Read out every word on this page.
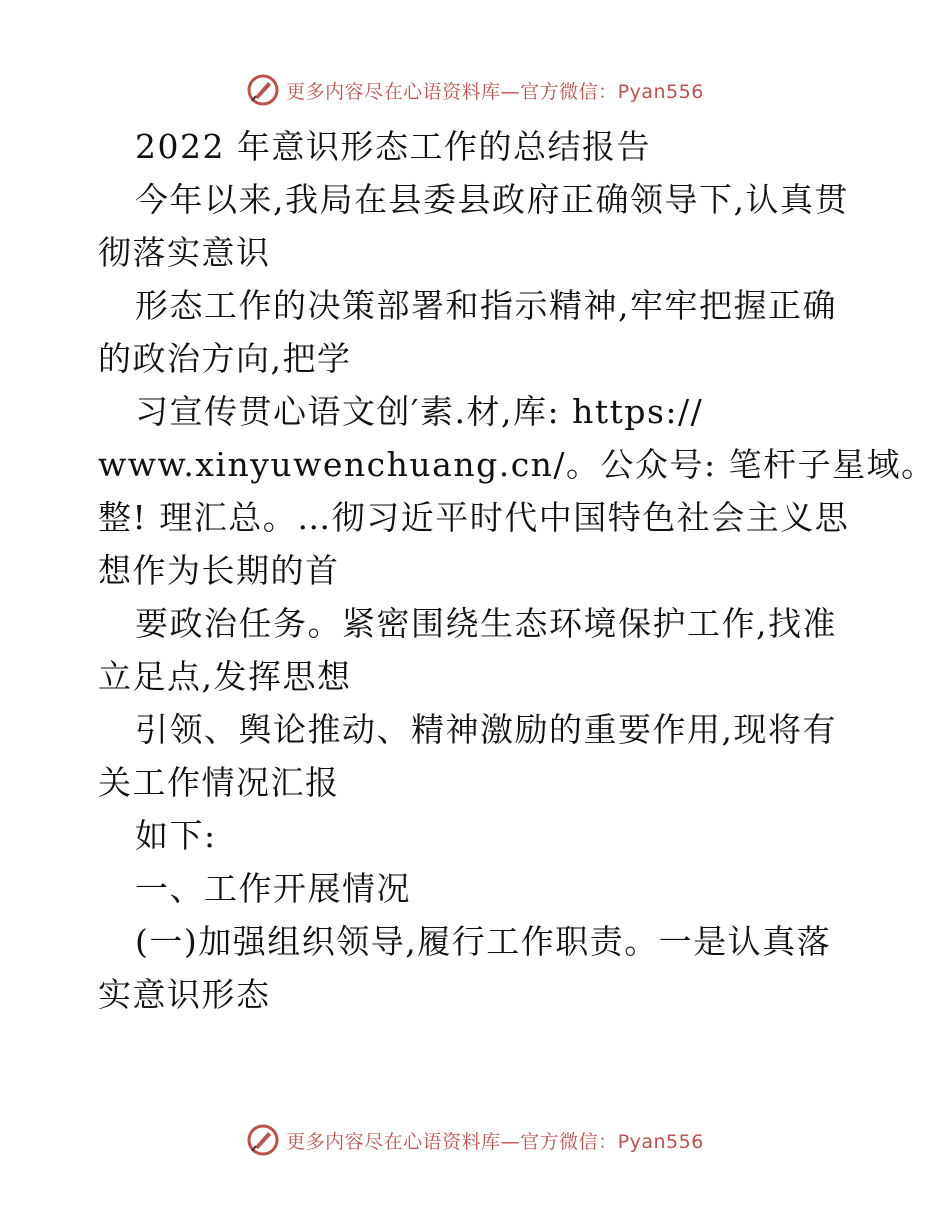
更多内容尽在心语资料库—官方微信：Pyan556
2022 年意识形态工作的总结报告
今年以来,我局在县委县政府正确领导下,认真贯
彻落实意识
形态工作的决策部署和指示精神,牢牢把握正确
的政治方向,把学
习宣传贯心语文创′素.材,库: https://
www.xinyuwenchuang.cn/。公众号: 笔杆子星域。
整! 理汇总。…彻习近平时代中国特色社会主义思
想作为长期的首
要政治任务。紧密围绕生态环境保护工作,找准
立足点,发挥思想
引领、舆论推动、精神激励的重要作用,现将有
关工作情况汇报
如下:
一、工作开展情况
(一)加强组织领导,履行工作职责。一是认真落
实意识形态
更多内容尽在心语资料库—官方微信：Pyan556
